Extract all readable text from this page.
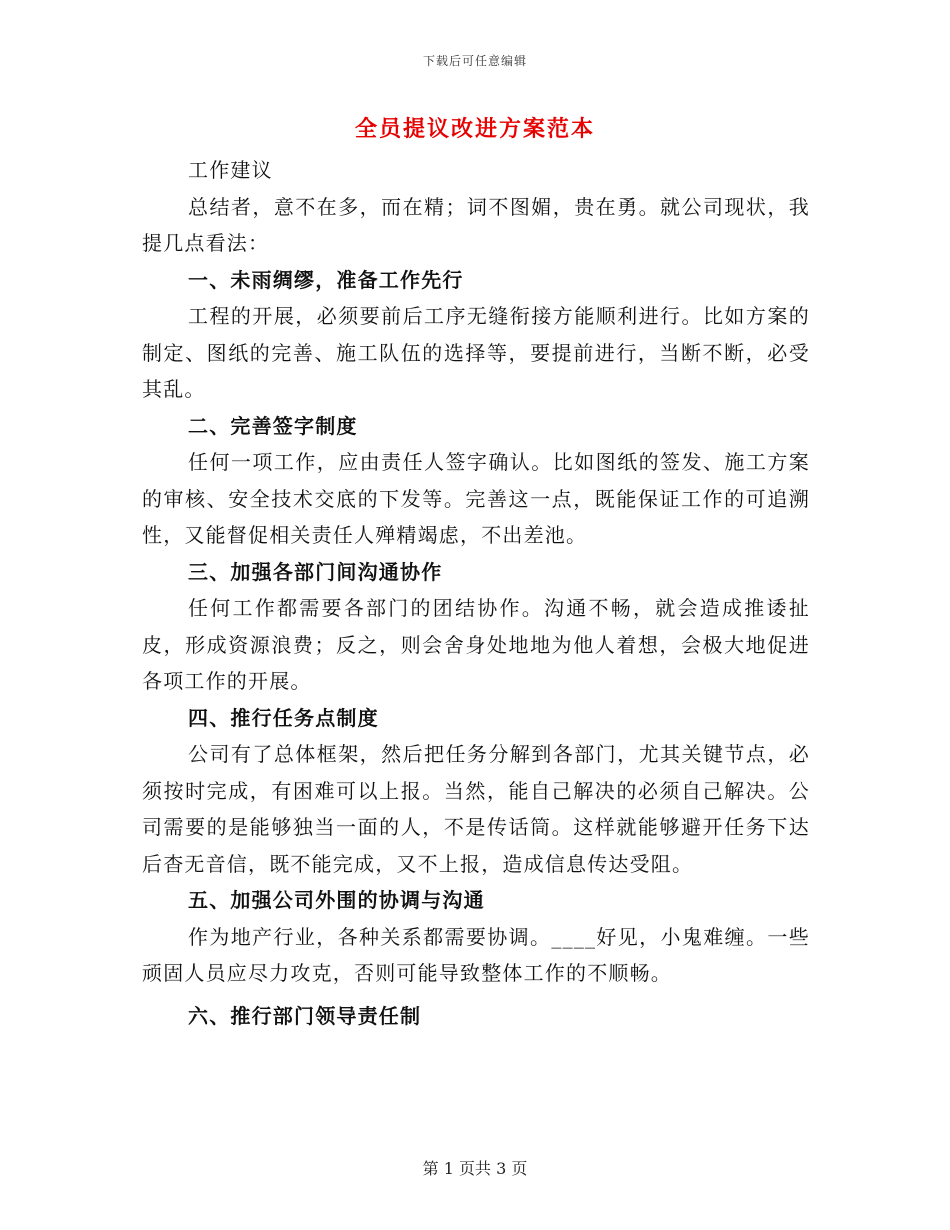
下载后可任意编辑
全员提议改进方案范本

工作建议

总结者，意不在多，而在精；词不图媚，贵在勇。就公司现状，我提几点看法：

一、未雨绸缪，准备工作先行

工程的开展，必须要前后工序无缝衔接方能顺利进行。比如方案的制定、图纸的完善、施工队伍的选择等，要提前进行，当断不断，必受其乱。

二、完善签字制度

任何一项工作，应由责任人签字确认。比如图纸的签发、施工方案的审核、安全技术交底的下发等。完善这一点，既能保证工作的可追溯性，又能督促相关责任人殚精竭虑，不出差池。

三、加强各部门间沟通协作

任何工作都需要各部门的团结协作。沟通不畅，就会造成推诿扯皮，形成资源浪费；反之，则会舍身处地地为他人着想，会极大地促进各项工作的开展。

四、推行任务点制度

公司有了总体框架，然后把任务分解到各部门，尤其关键节点，必须按时完成，有困难可以上报。当然，能自己解决的必须自己解决。公司需要的是能够独当一面的人，不是传话筒。这样就能够避开任务下达后杳无音信，既不能完成，又不上报，造成信息传达受阻。

五、加强公司外围的协调与沟通

作为地产行业，各种关系都需要协调。____好见，小鬼难缠。一些顽固人员应尽力攻克，否则可能导致整体工作的不顺畅。

六、推行部门领导责任制

第 1 页共 3 页
